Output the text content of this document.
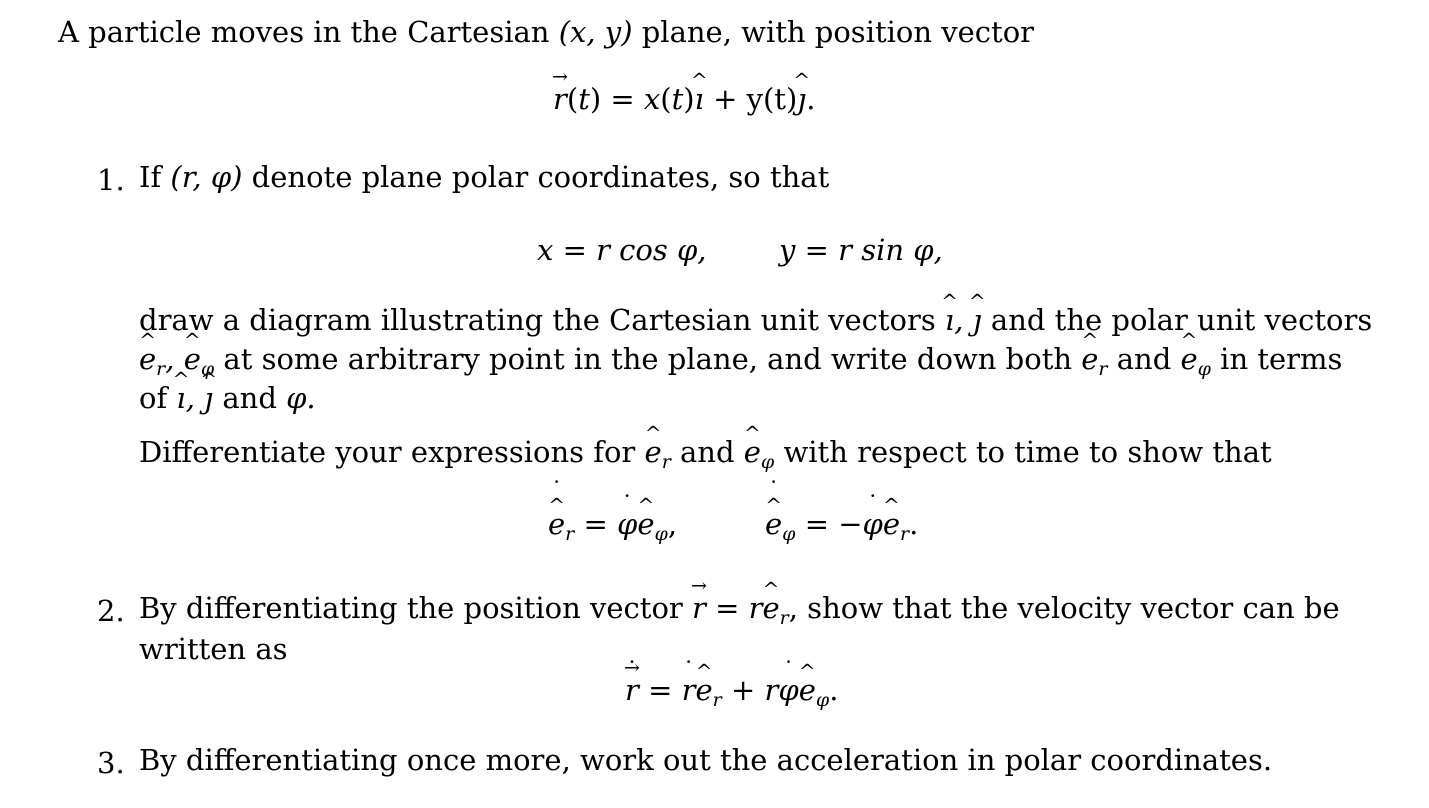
A particle moves in the Cartesian (x, y) plane, with position vector
→ r(t) = x(t)^ ı + y(t)^ ȷ.
1. If (r, φ) denote plane polar coordinates, so that
x = r cos φ,	y = r sin φ,
draw a diagram illustrating the Cartesian unit vectors ^ ı, ^ ȷ and the polar unit vectors
^ $e_r$, ^ $e_\varphi$ at some arbitrary point in the plane, and write down both ^ $e_r$ and ^ $e_\varphi$ in terms
of ^ ı, ^ ȷ and φ.
Differentiate your expressions for ^ $e_r$ and ^ $e_\varphi$ with respect to time to show that
^ e $˙_r = \varphi$ ˙^ $e_\varphi$,
^	e $˙_\varphi = -\varphi$ ˙^ $e_r$.
2. By differentiating the position vector → r = r^ $e_r$, show that the velocity vector can be
written as
→ r ˙ = r ˙^ $e_r + r\varphi$ ˙^ $e_\varphi$.
3. By differentiating once more, work out the acceleration in polar coordinates.
